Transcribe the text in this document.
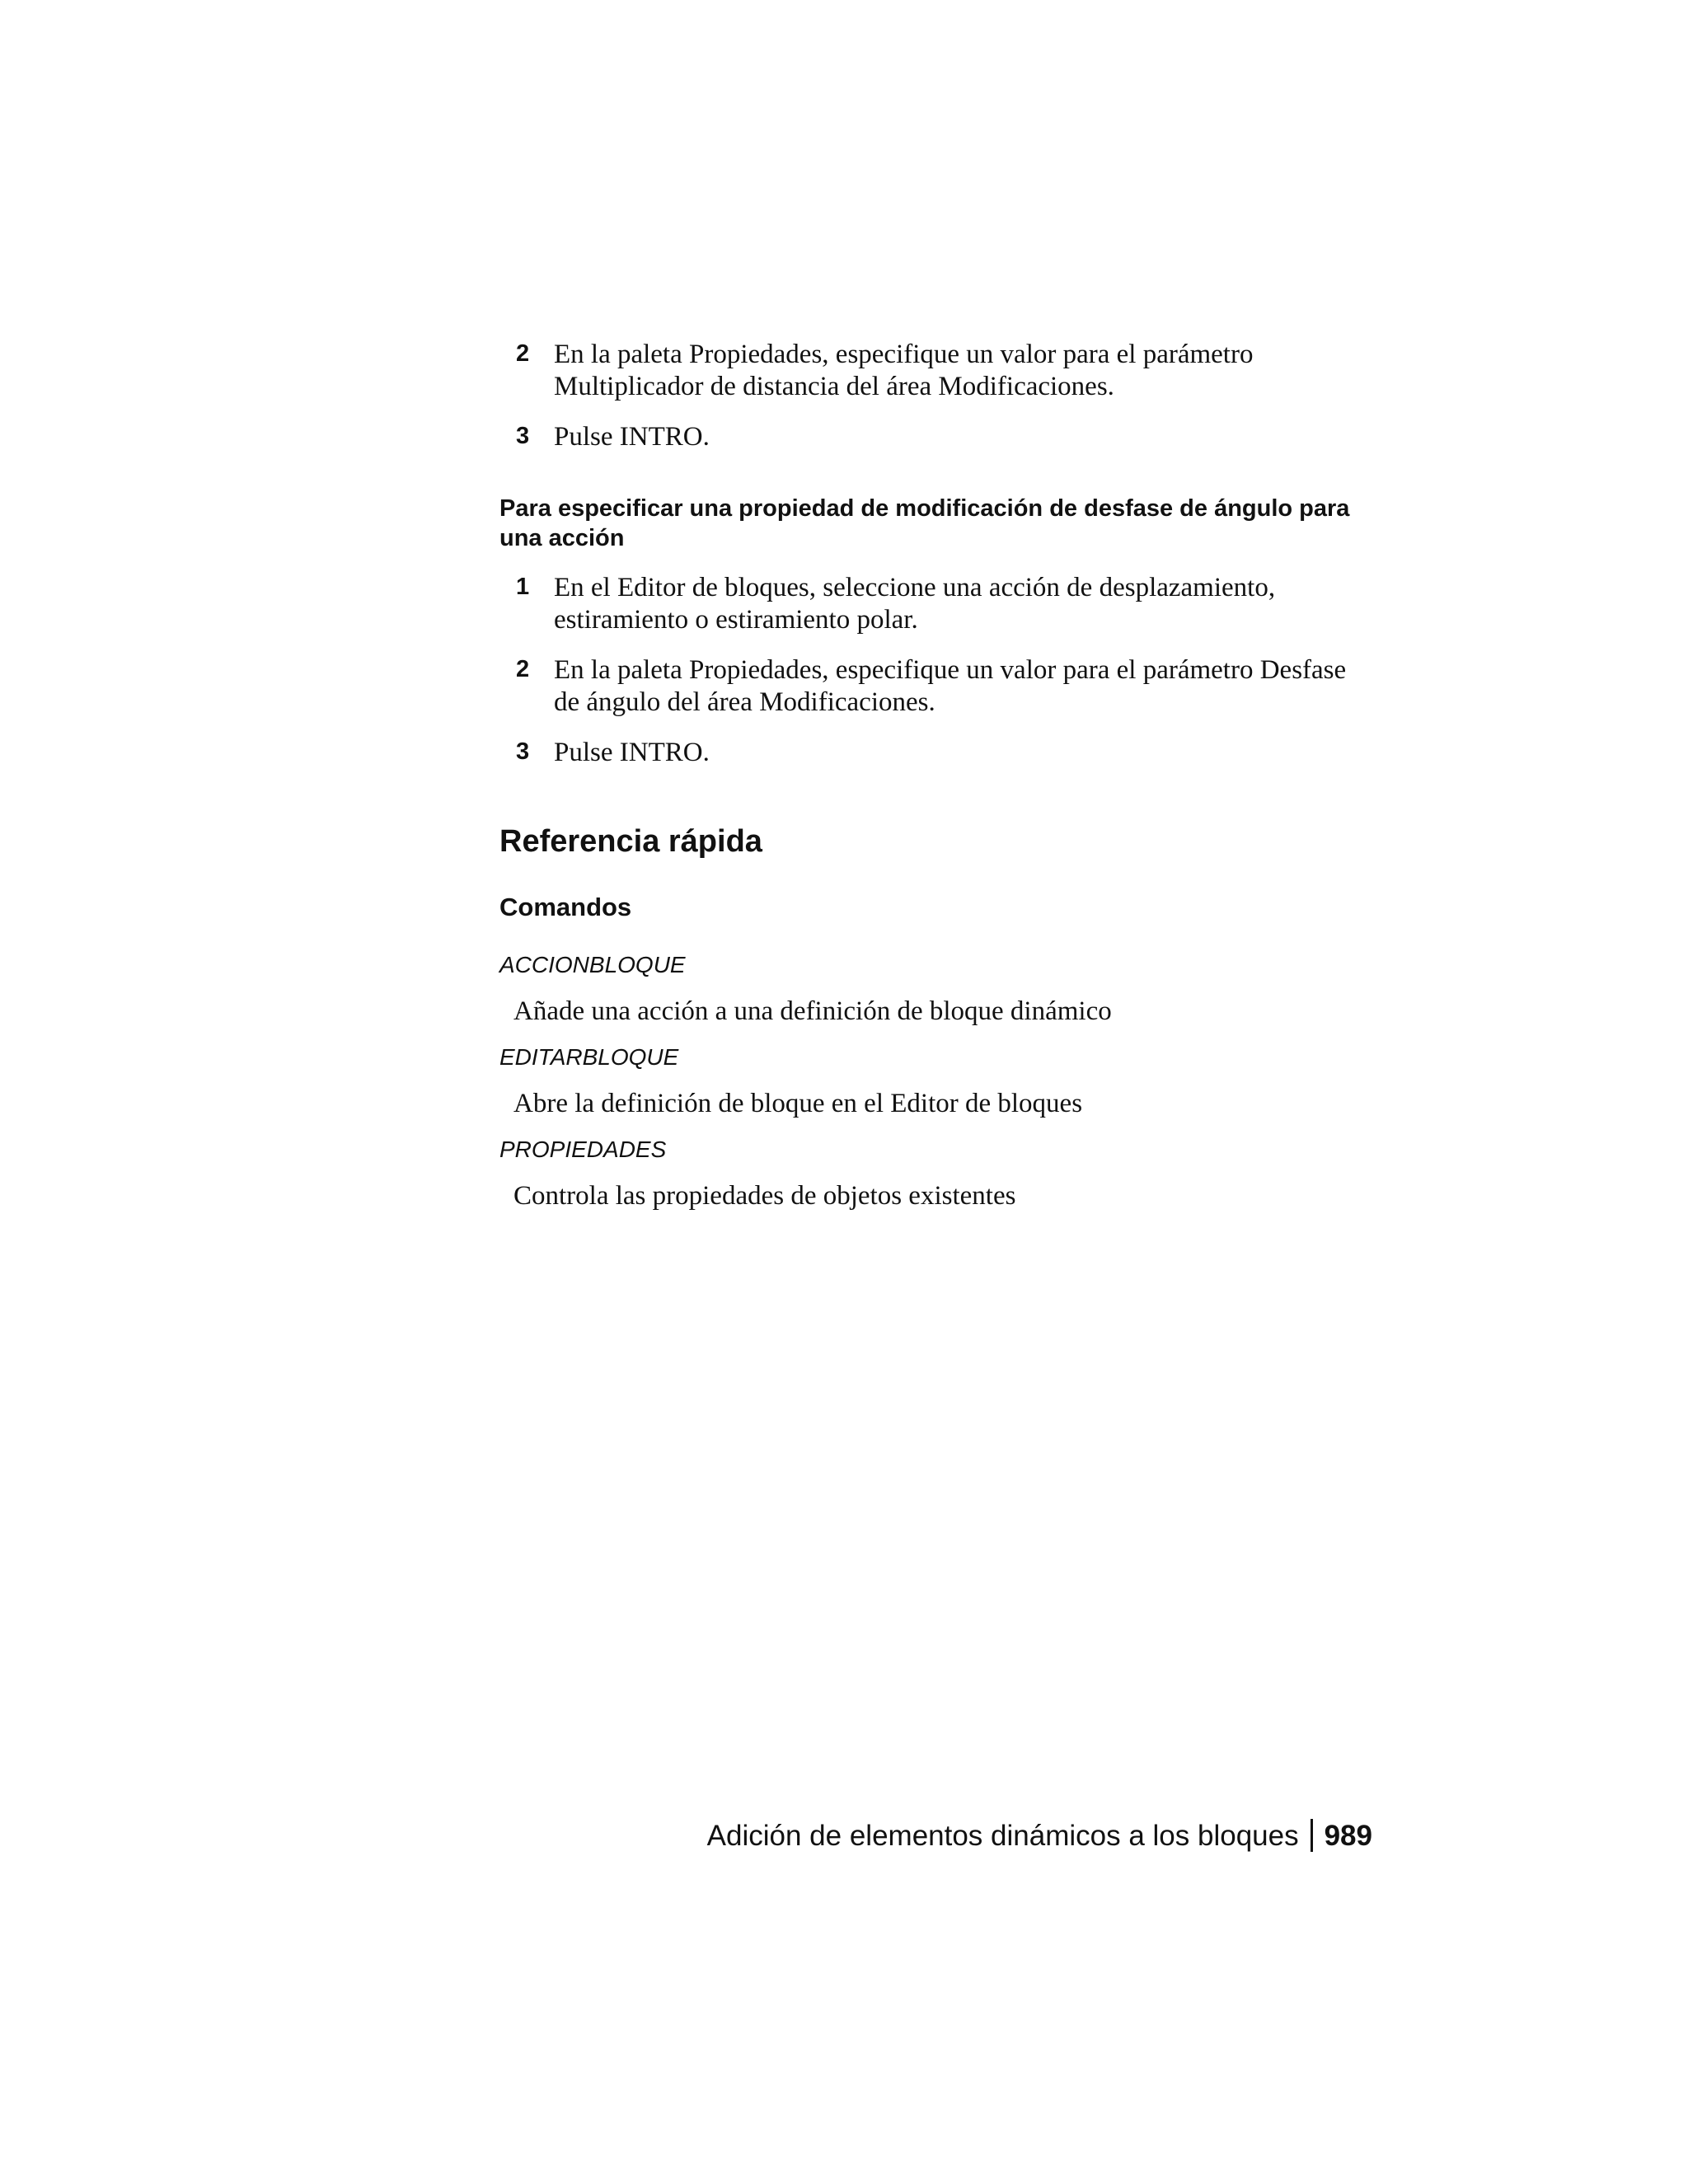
2 En la paleta Propiedades, especifique un valor para el parámetro
Multiplicador de distancia del área Modificaciones.
3 Pulse INTRO.
Para especificar una propiedad de modificación de desfase de ángulo para
una acción
1 En el Editor de bloques, seleccione una acción de desplazamiento,
estiramiento o estiramiento polar.
2 En la paleta Propiedades, especifique un valor para el parámetro Desfase
de ángulo del área Modificaciones.
3 Pulse INTRO.
Referencia rápida
Comandos

ACCIONBLOQUE

Añade una acción a una definición de bloque dinámico

EDITARBLOQUE

Abre la definición de bloque en el Editor de bloques

PROPIEDADES

Controla las propiedades de objetos existentes

Adición de elementos dinámicos a los bloques 989
